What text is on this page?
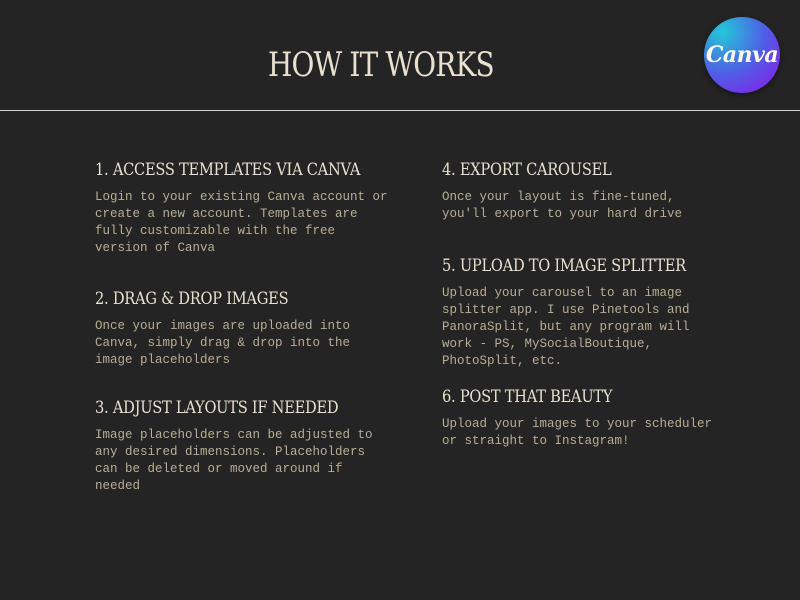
HOW IT WORKS	Canva
1. ACCESS TEMPLATES VIA CANVA

Login to your existing Canva account or create a new account. Templates are fully customizable with the free version of Canva

2. DRAG & DROP IMAGES

Once your images are uploaded into Canva, simply drag & drop into the image placeholders

3. ADJUST LAYOUTS IF NEEDED

Image placeholders can be adjusted to any desired dimensions. Placeholders can be deleted or moved around if needed

4. EXPORT CAROUSEL

Once your layout is fine-tuned, you'll export to your hard drive

5. UPLOAD TO IMAGE SPLITTER

Upload your carousel to an image splitter app. I use Pinetools and PanoraSplit, but any program will work - PS, MySocialBoutique, PhotoSplit, etc.

6. POST THAT BEAUTY

Upload your images to your scheduler or straight to Instagram!
